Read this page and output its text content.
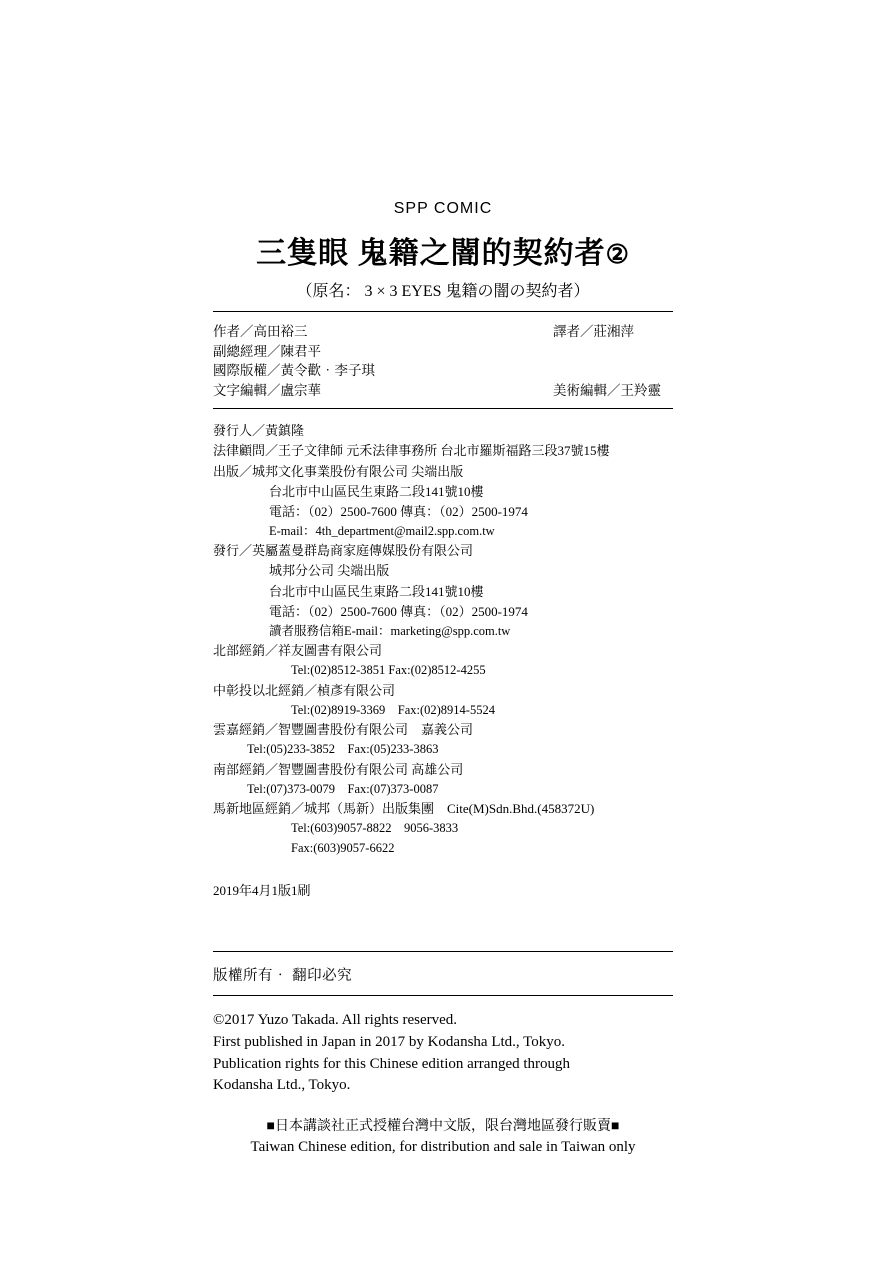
SPP COMIC
三隻眼 鬼籍之闇的契約者②
（原名： 3 × 3 EYES 鬼籍の闇の契約者）
作者／高田裕三	譯者／莊湘萍
副總經理／陳君平
國際版權／黃令歡‧李子琪
文字編輯／盧宗華	美術編輯／王羚靈
發行人／黃鎮隆
法律顧問／王子文律師 元禾法律事務所 台北市羅斯福路三段37號15樓
出版／城邦文化事業股份有限公司 尖端出版
台北市中山區民生東路二段141號10樓
電話：（02）2500-7600 傳真：（02）2500-1974
E-mail：4th_department@mail2.spp.com.tw
發行／英屬蓋曼群島商家庭傳媒股份有限公司
城邦分公司 尖端出版
台北市中山區民生東路二段141號10樓
電話：（02）2500-7600 傳真：（02）2500-1974
讀者服務信箱E-mail：marketing@spp.com.tw
北部經銷／祥友圖書有限公司
Tel:(02)8512-3851 Fax:(02)8512-4255
中彰投以北經銷／楨彥有限公司
Tel:(02)8919-3369　Fax:(02)8914-5524
雲嘉經銷／智豐圖書股份有限公司　嘉義公司
Tel:(05)233-3852　Fax:(05)233-3863
南部經銷／智豐圖書股份有限公司 高雄公司
Tel:(07)373-0079　Fax:(07)373-0087
馬新地區經銷／城邦（馬新）出版集團　Cite(M)Sdn.Bhd.(458372U)
Tel:(603)9057-8822　9056-3833
Fax:(603)9057-6622
2019年4月1版1刷
版權所有‧ 翻印必究
©2017 Yuzo Takada. All rights reserved.
First published in Japan in 2017 by Kodansha Ltd., Tokyo.
Publication rights for this Chinese edition arranged through
Kodansha Ltd., Tokyo.
■日本講談社正式授權台灣中文版，限台灣地區發行販賣■
Taiwan Chinese edition, for distribution and sale in Taiwan only
